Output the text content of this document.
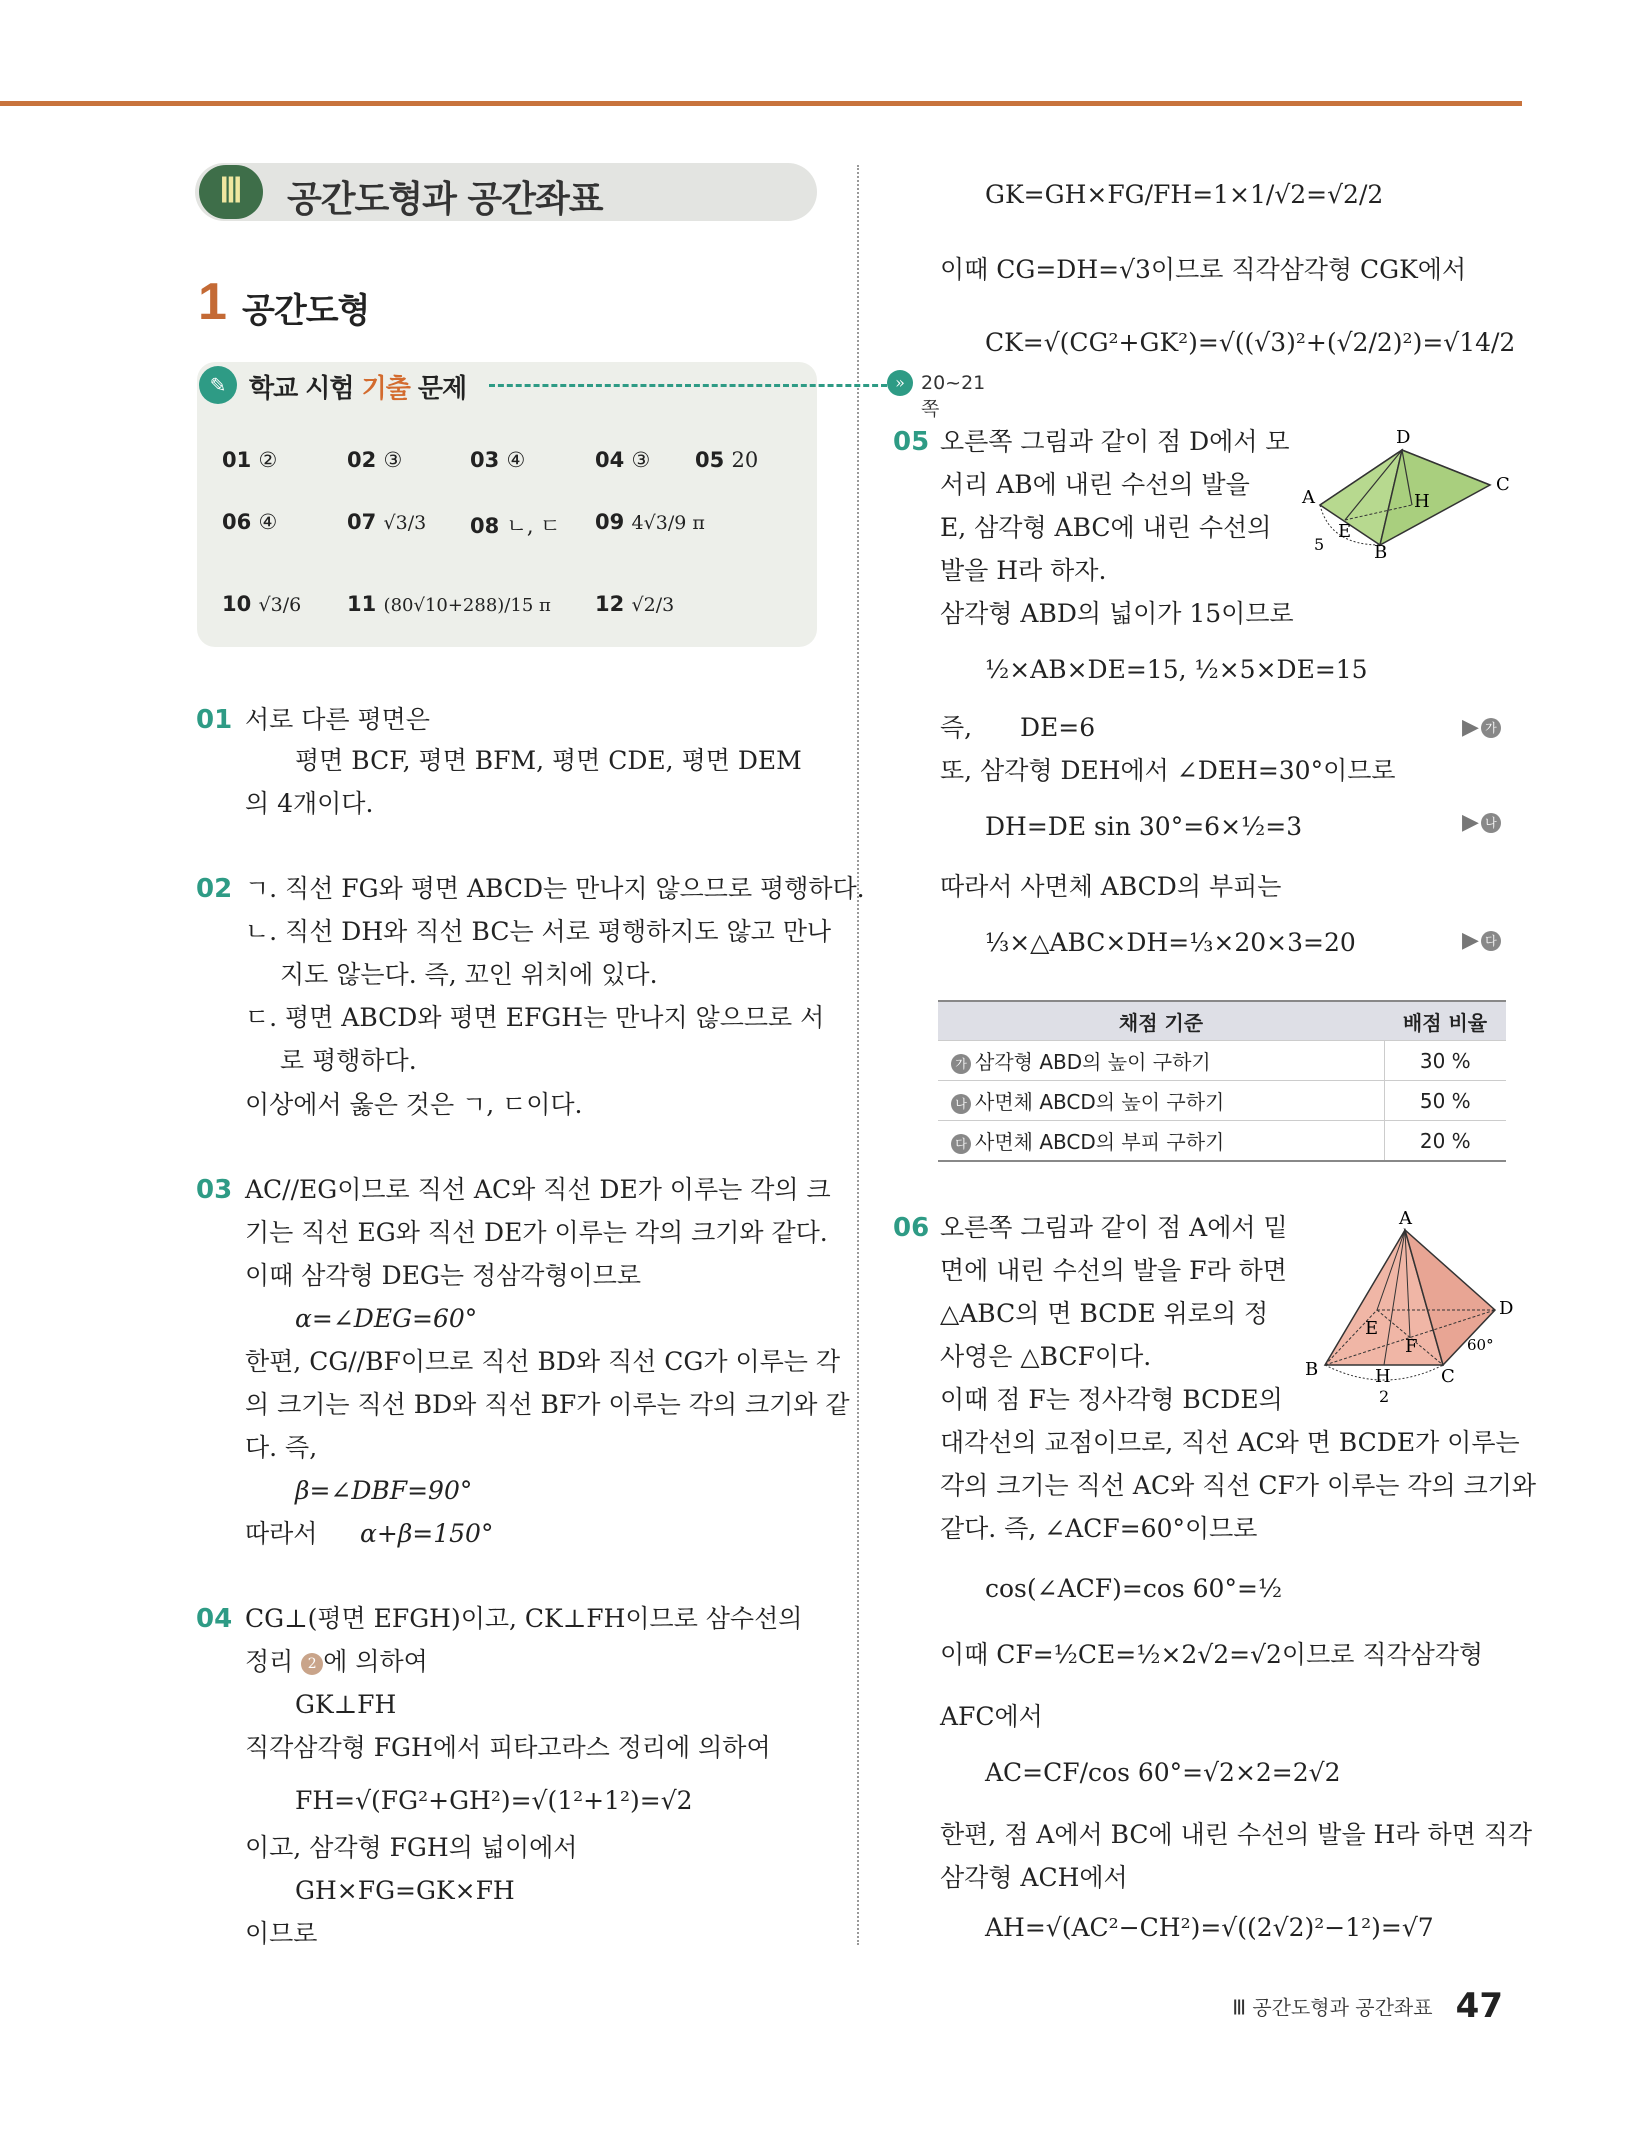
Ⅲ	공간도형과 공간좌표
1 공간도형
✎ 학교 시험 기출 문제	» 20~21쪽
01 ②	02 ③	03 ④	04 ③ 05 20
06 ④	07 √3/3 08 ㄴ, ㄷ 09 4√3/9 π
10 √3/6 11 (80√10+288)/15 π 12 √2/3
01 서로 다른 평면은
평면 BCF, 평면 BFM, 평면 CDE, 평면 DEM
의 4개이다.
02 ㄱ. 직선 FG와 평면 ABCD는 만나지 않으므로 평행하다.
ㄴ. 직선 DH와 직선 BC는 서로 평행하지도 않고 만나
지도 않는다. 즉, 꼬인 위치에 있다.
ㄷ. 평면 ABCD와 평면 EFGH는 만나지 않으므로 서
로 평행하다.
이상에서 옳은 것은 ㄱ, ㄷ이다.
03 AC//EG이므로 직선 AC와 직선 DE가 이루는 각의 크
기는 직선 EG와 직선 DE가 이루는 각의 크기와 같다.
이때 삼각형 DEG는 정삼각형이므로
α=∠DEG=60°
한편, CG//BF이므로 직선 BD와 직선 CG가 이루는 각
의 크기는 직선 BD와 직선 BF가 이루는 각의 크기와 같
다. 즉,
β=∠DBF=90°
따라서 α+β=150°
04 CG⊥(평면 EFGH)이고, CK⊥FH이므로 삼수선의
정리 2 에 의하여
GK⊥FH
직각삼각형 FGH에서 피타고라스 정리에 의하여
FH=√(FG²+GH²)=√(1²+1²)=√2
이고, 삼각형 FGH의 넓이에서
GH×FG=GK×FH
이므로
GK=GH×FG/FH=1×1/√2=√2/2
이때 CG=DH=√3이므로 직각삼각형 CGK에서
CK=√(CG²+GK²)=√((√3)²+(√2/2)²)=√14/2
05 오른쪽 그림과 같이 점 D에서 모
서리 AB에 내린 수선의 발을
E, 삼각형 ABC에 내린 수선의
발을 H라 하자.
삼각형 ABD의 넓이가 15이므로
D
C
A
E
H
B
5
½×AB×DE=15, ½×5×DE=15
즉, DE=6	▶ 가
또, 삼각형 DEH에서 ∠DEH=30°이므로
DH=DE sin 30°=6×½=3	▶ 나
따라서 사면체 ABCD의 부피는
⅓×△ABC×DH=⅓×20×3=20	▶ 다
채점 기준	배점 비율
가 삼각형 ABD의 높이 구하기	30 %
나 사면체 ABCD의 높이 구하기	50 %
다 사면체 ABCD의 부피 구하기	20 %
06 오른쪽 그림과 같이 점 A에서 밑
면에 내린 수선의 발을 F라 하면
△ABC의 면 BCDE 위로의 정
사영은 △BCF이다.
이때 점 F는 정사각형 BCDE의
A
D
E
F	60°
B	H	C
2
대각선의 교점이므로, 직선 AC와 면 BCDE가 이루는
각의 크기는 직선 AC와 직선 CF가 이루는 각의 크기와
같다. 즉, ∠ACF=60°이므로
cos(∠ACF)=cos 60°=½
이때 CF=½CE=½×2√2=√2이므로 직각삼각형
AFC에서
AC=CF/cos 60°=√2×2=2√2
한편, 점 A에서 BC에 내린 수선의 발을 H라 하면 직각
삼각형 ACH에서
AH=√(AC²−CH²)=√((2√2)²−1²)=√7
Ⅲ 공간도형과 공간좌표 47
